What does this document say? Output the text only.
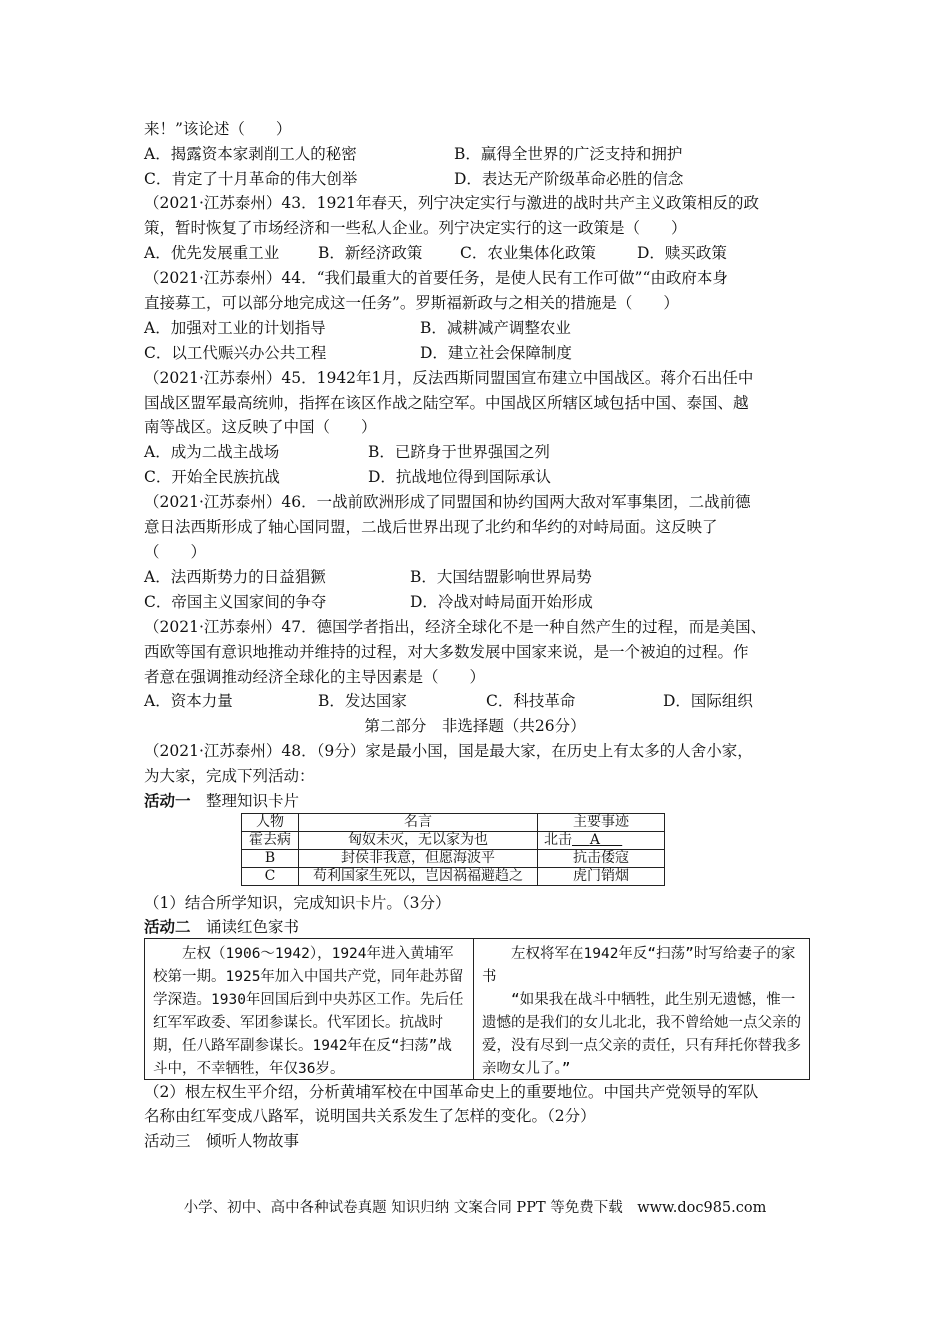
来！”该论述（　　）
A．揭露资本家剥削工人的秘密	B．赢得全世界的广泛支持和拥护
C．肯定了十月革命的伟大创举	D．表达无产阶级革命必胜的信念
（2021·江苏泰州）43．1921年春天，列宁决定实行与激进的战时共产主义政策相反的政
策，暂时恢复了市场经济和一些私人企业。列宁决定实行的这一政策是（　　）
A．优先发展重工业	B．新经济政策 C．农业集体化政策	D．赎买政策
（2021·江苏泰州）44．“我们最重大的首要任务，是使人民有工作可做”“由政府本身
直接募工，可以部分地完成这一任务”。罗斯福新政与之相关的措施是（　　）
A．加强对工业的计划指导	B．减耕减产调整农业
C．以工代赈兴办公共工程	D．建立社会保障制度
（2021·江苏泰州）45．1942年1月，反法西斯同盟国宣布建立中国战区。蒋介石出任中
国战区盟军最高统帅，指挥在该区作战之陆空军。中国战区所辖区域包括中国、泰国、越
南等战区。这反映了中国（　　）
A．成为二战主战场	B．已跻身于世界强国之列
C．开始全民族抗战	D．抗战地位得到国际承认
（2021·江苏泰州）46．一战前欧洲形成了同盟国和协约国两大敌对军事集团，二战前德
意日法西斯形成了轴心国同盟，二战后世界出现了北约和华约的对峙局面。这反映了
（　　）
A．法西斯势力的日益猖獗	B．大国结盟影响世界局势
C．帝国主义国家间的争夺	D．冷战对峙局面开始形成
（2021·江苏泰州）47．德国学者指出，经济全球化不是一种自然产生的过程，而是美国、
西欧等国有意识地推动并维持的过程，对大多数发展中国家来说，是一个被迫的过程。作
者意在强调推动经济全球化的主导因素是（　　）
A．资本力量	B．发达国家	C．科技革命	D．国际组织
第二部分　非选择题（共26分）
（2021·江苏泰州）48．（9分）家是最小国，国是最大家，在历史上有太多的人舍小家，
为大家，完成下列活动：
活动一　整理知识卡片
人物	名言	主要事迹
霍去病	匈奴未灭，无以家为也	北击 A
B	封侯非我意，但愿海波平	抗击倭寇
C	苟利国家生死以，岂因祸福避趋之	虎门销烟
（1）结合所学知识，完成知识卡片。（3分）
活动二　诵读红色家书

左权（1906～1942），1924年进入黄埔军校第一期。1925年加入中国共产党，同年赴苏留学深造。1930年回国后到中央苏区工作。先后任红军军政委、军团参谋长。代军团长。抗战时期，任八路军副参谋长。1942年在反“扫荡”战斗中，不幸牺牲，年仅36岁。

左权将军在1942年反“扫荡”时写给妻子的家书

“如果我在战斗中牺牲，此生别无遗憾，惟一遗憾的是我们的女儿北北，我不曾给她一点父亲的爱，没有尽到一点父亲的责任，只有拜托你替我多亲吻女儿了。”

（2）根左权生平介绍，分析黄埔军校在中国革命史上的重要地位。中国共产党领导的军队
名称由红军变成八路军，说明国共关系发生了怎样的变化。（2分）
活动三　倾听人物故事
小学、初中、高中各种试卷真题 知识归纳 文案合同 PPT 等免费下载　www.doc985.com
